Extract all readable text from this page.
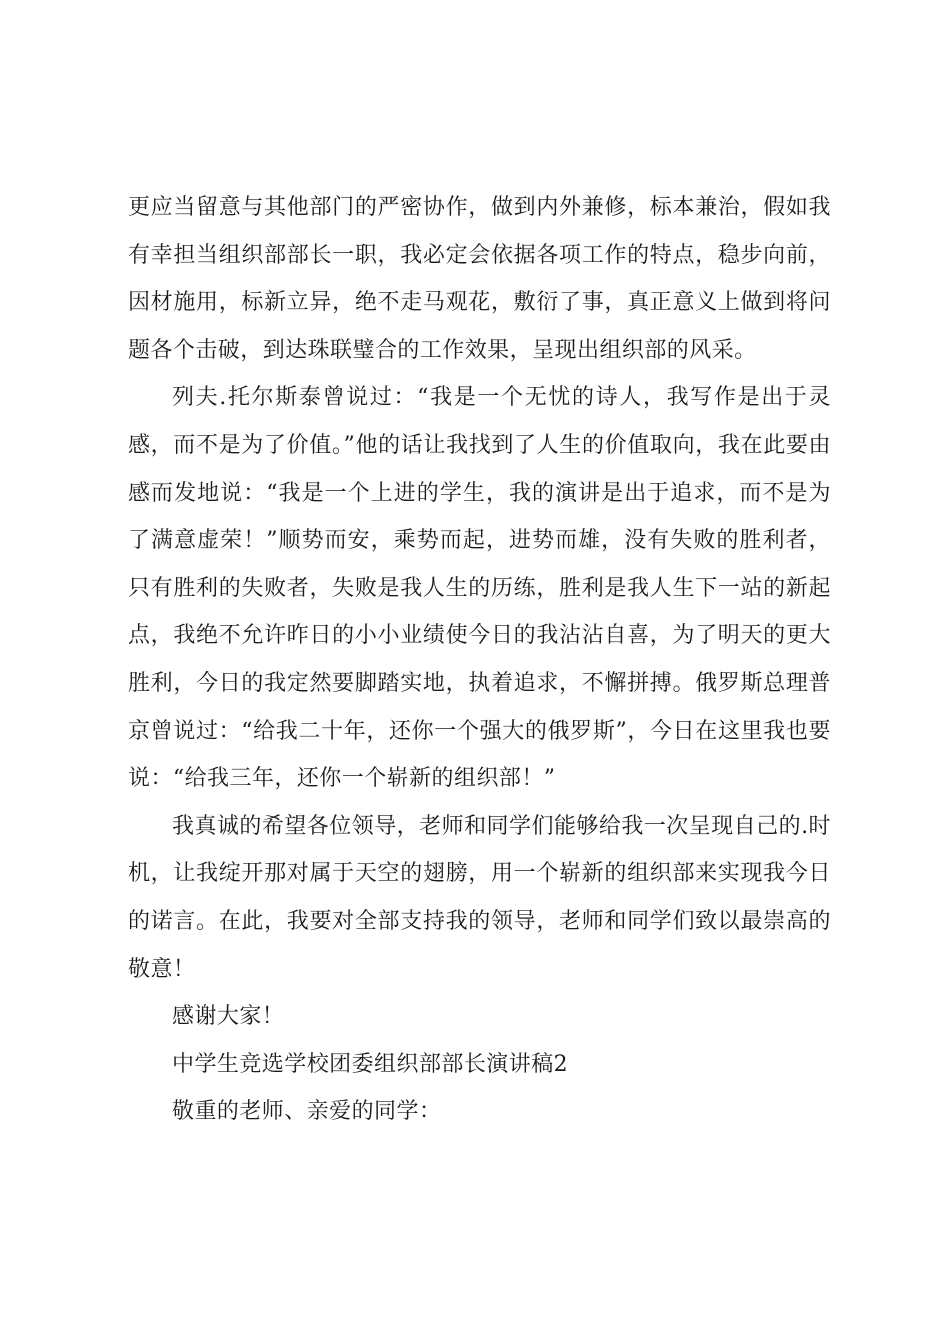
更应当留意与其他部门的严密协作，做到内外兼修，标本兼治，假如我有幸担当组织部部长一职，我必定会依据各项工作的特点，稳步向前，因材施用，标新立异，绝不走马观花，敷衍了事，真正意义上做到将问题各个击破，到达珠联璧合的工作效果，呈现出组织部的风采。

列夫.托尔斯泰曾说过：“我是一个无忧的诗人，我写作是出于灵感，而不是为了价值。”他的话让我找到了人生的价值取向，我在此要由感而发地说：“我是一个上进的学生，我的演讲是出于追求，而不是为了满意虚荣！”顺势而安，乘势而起，进势而雄，没有失败的胜利者，只有胜利的失败者，失败是我人生的历练，胜利是我人生下一站的新起点，我绝不允许昨日的小小业绩使今日的我沾沾自喜，为了明天的更大胜利，今日的我定然要脚踏实地，执着追求，不懈拼搏。俄罗斯总理普京曾说过：“给我二十年，还你一个强大的俄罗斯”，今日在这里我也要说：“给我三年，还你一个崭新的组织部！”

我真诚的希望各位领导，老师和同学们能够给我一次呈现自己的.时机，让我绽开那对属于天空的翅膀，用一个崭新的组织部来实现我今日的诺言。在此，我要对全部支持我的领导，老师和同学们致以最崇高的敬意！

感谢大家！

中学生竞选学校团委组织部部长演讲稿2

敬重的老师、亲爱的同学：
